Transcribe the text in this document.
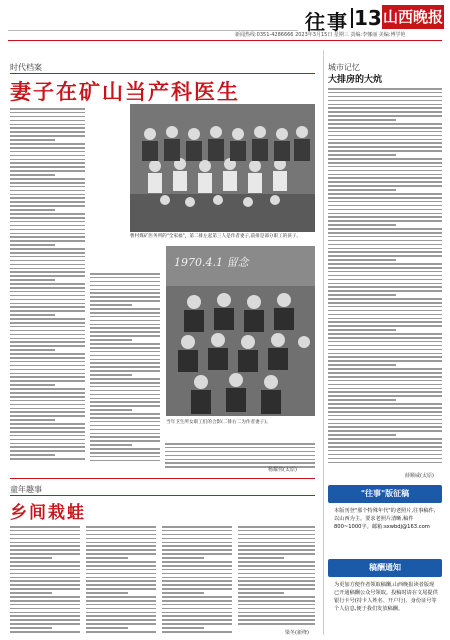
往事 13 山西晚报
新闻热线:0351-4286666 2023年3月15日 星期三 责编:李娜丽 美编:傅学艳
时代档案
妻子在矿山当产科医生
曹村煤矿医务所的"全家福"，第二排左起第三人是作者妻子,前排是部分职工的孩子。
1970.4.1 留念
当年卫生所女职工们的合影(二排右二为作者妻子)。
杨耀伟(太原)
童年趣事
乡间栽蛙
梁冬(新绛)
城市记忆
大排房的大炕
薛顺威(太原)
"往事"版征稿
本版刊登"那个特殊年代"的老照片,往事稿件,以山西为主。要求老照片清晰,稿件800~1000字。邮箱:sxwbdj@163.com
稿酬通知
为更加方便作者领取稿酬,山西晚报读者版现已开通稿酬公众号领取。投稿时请在文尾提供银行卡号(持卡人姓名、开户行)、身份证号等个人信息,便于我们发放稿酬。
